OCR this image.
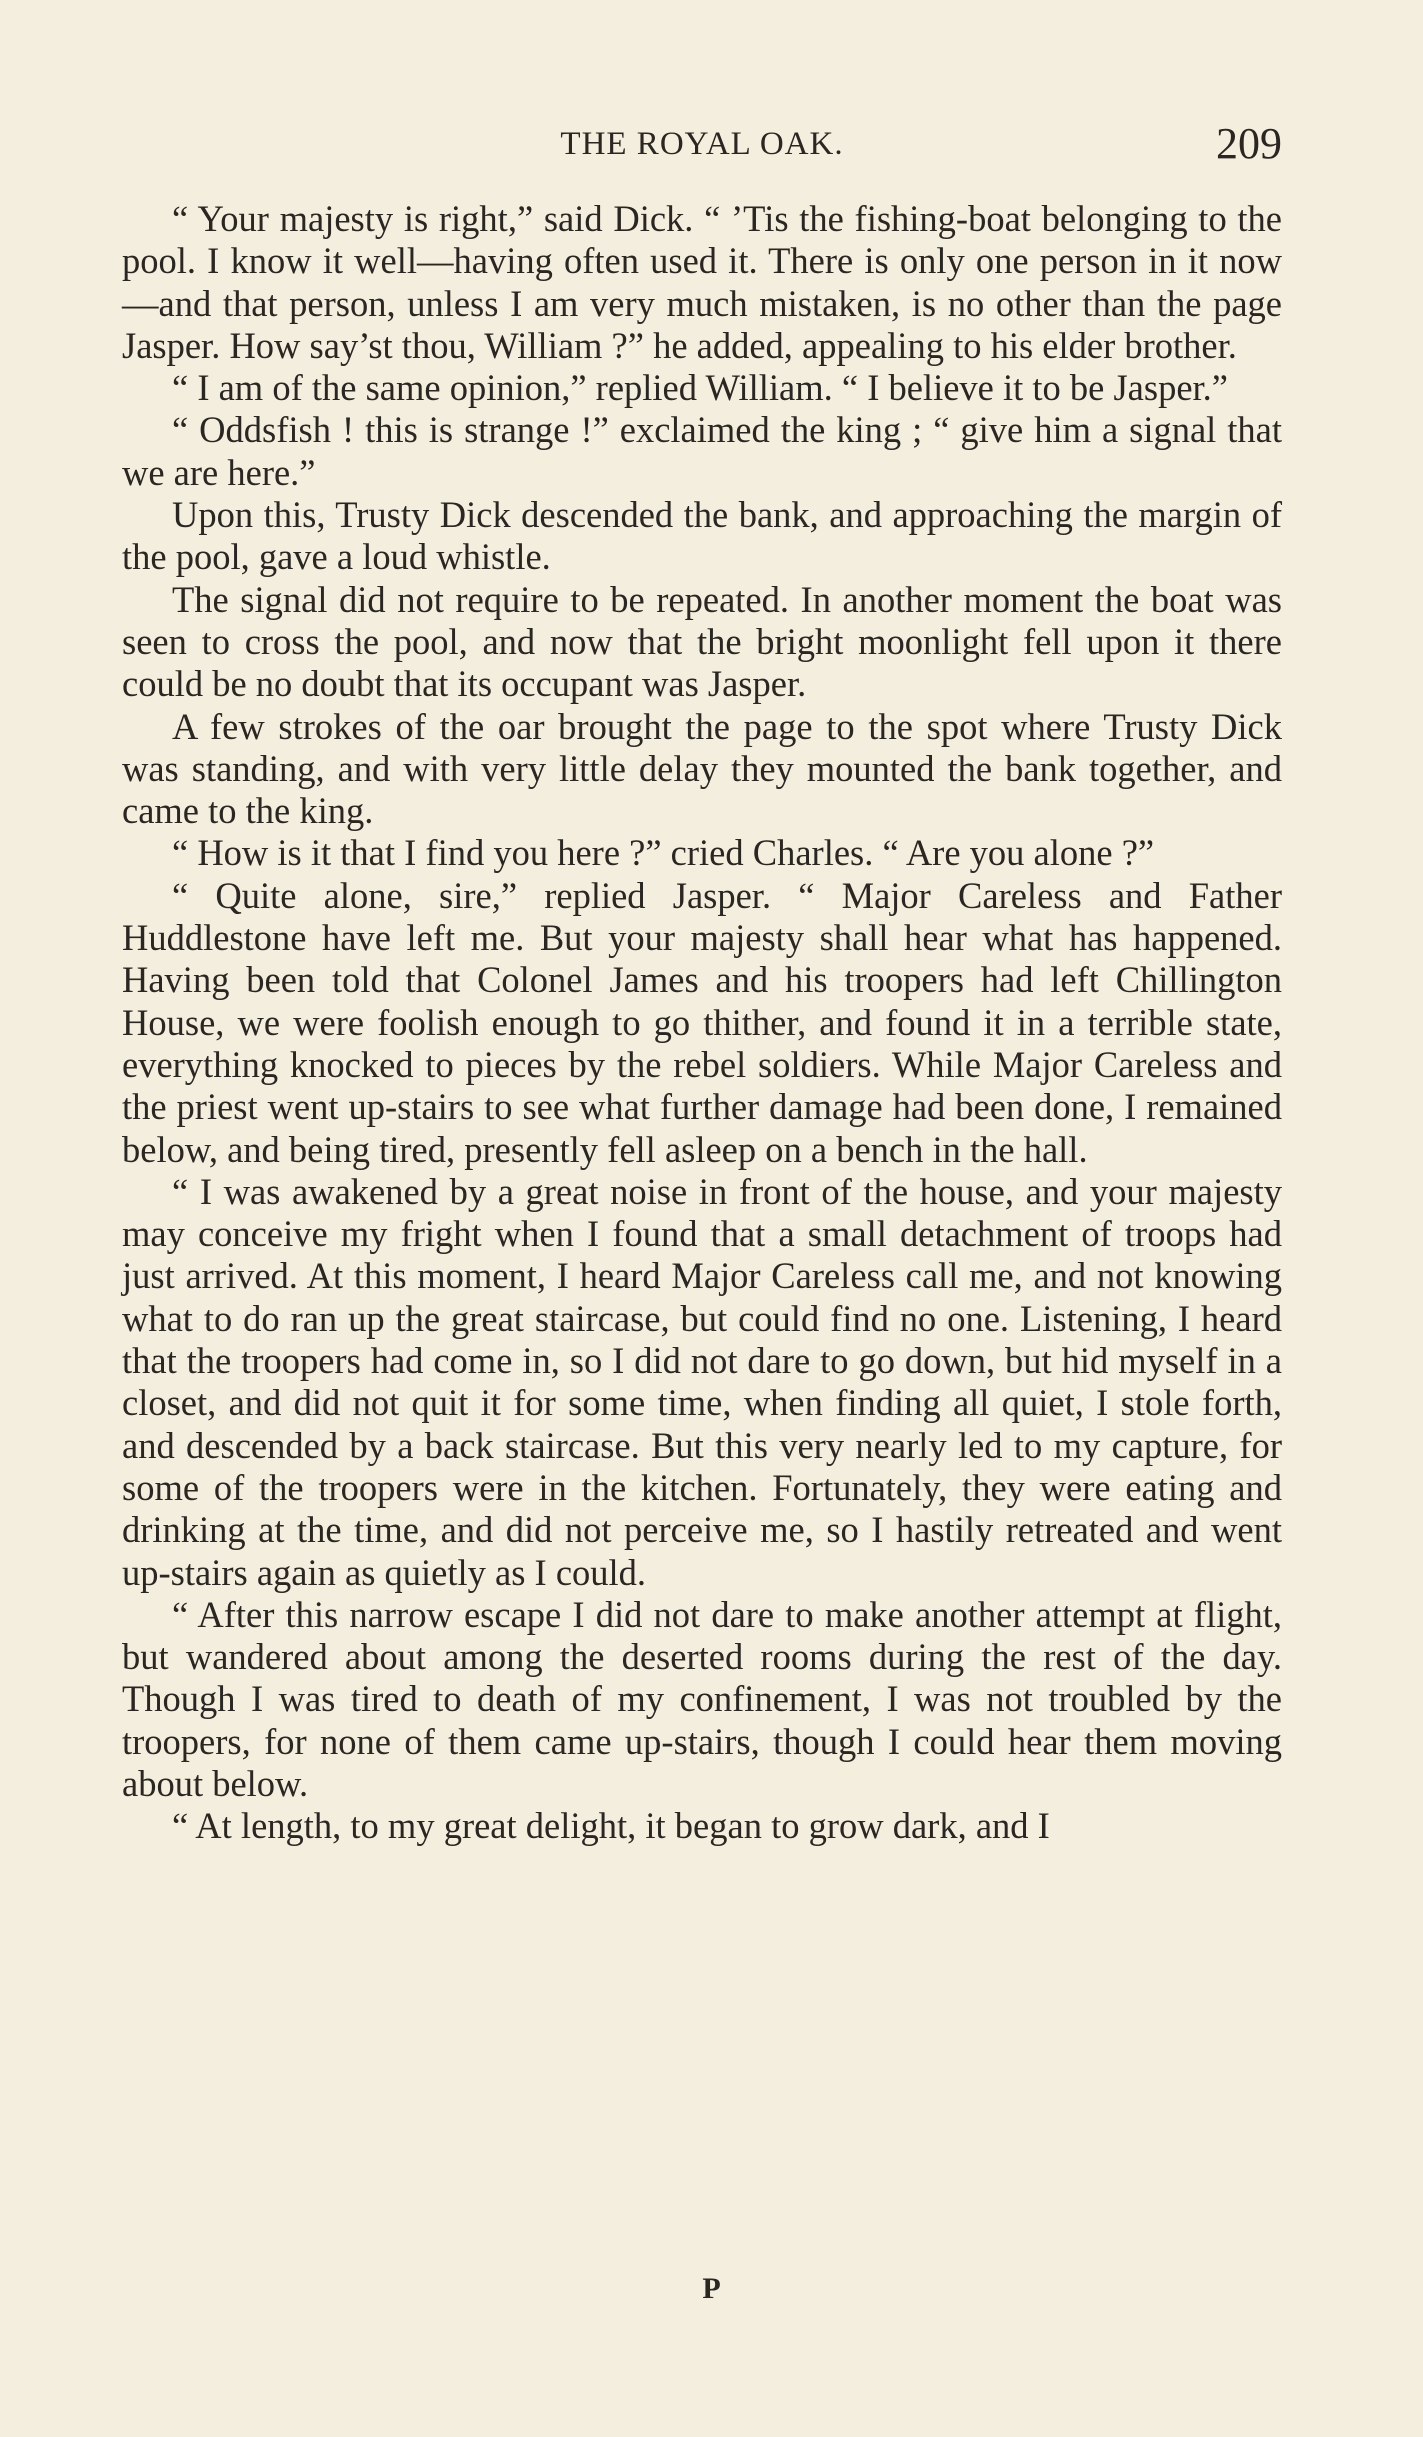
THE ROYAL OAK.	209

“ Your majesty is right,” said Dick. “ ’Tis the fishing-boat belonging to the pool. I know it well—having often used it. There is only one person in it now—and that person, unless I am very much mistaken, is no other than the page Jasper. How say’st thou, William ?” he added, appealing to his elder brother.

“ I am of the same opinion,” replied William. “ I believe it to be Jasper.”

“ Oddsfish ! this is strange !” exclaimed the king ; “ give him a signal that we are here.”

Upon this, Trusty Dick descended the bank, and approaching the margin of the pool, gave a loud whistle.

The signal did not require to be repeated. In another moment the boat was seen to cross the pool, and now that the bright moonlight fell upon it there could be no doubt that its occupant was Jasper.

A few strokes of the oar brought the page to the spot where Trusty Dick was standing, and with very little delay they mounted the bank together, and came to the king.

“ How is it that I find you here ?” cried Charles. “ Are you alone ?”

“ Quite alone, sire,” replied Jasper. “ Major Careless and Father Huddlestone have left me. But your majesty shall hear what has happened. Having been told that Colonel James and his troopers had left Chillington House, we were foolish enough to go thither, and found it in a terrible state, everything knocked to pieces by the rebel soldiers. While Major Careless and the priest went up-stairs to see what further damage had been done, I remained below, and being tired, presently fell asleep on a bench in the hall.

“ I was awakened by a great noise in front of the house, and your majesty may conceive my fright when I found that a small detachment of troops had just arrived. At this moment, I heard Major Careless call me, and not knowing what to do ran up the great staircase, but could find no one. Listening, I heard that the troopers had come in, so I did not dare to go down, but hid myself in a closet, and did not quit it for some time, when finding all quiet, I stole forth, and descended by a back staircase. But this very nearly led to my capture, for some of the troopers were in the kitchen. Fortunately, they were eating and drinking at the time, and did not perceive me, so I hastily retreated and went up-stairs again as quietly as I could.

“ After this narrow escape I did not dare to make another attempt at flight, but wandered about among the deserted rooms during the rest of the day. Though I was tired to death of my confinement, I was not troubled by the troopers, for none of them came up-stairs, though I could hear them moving about below.

“ At length, to my great delight, it began to grow dark, and I

P
